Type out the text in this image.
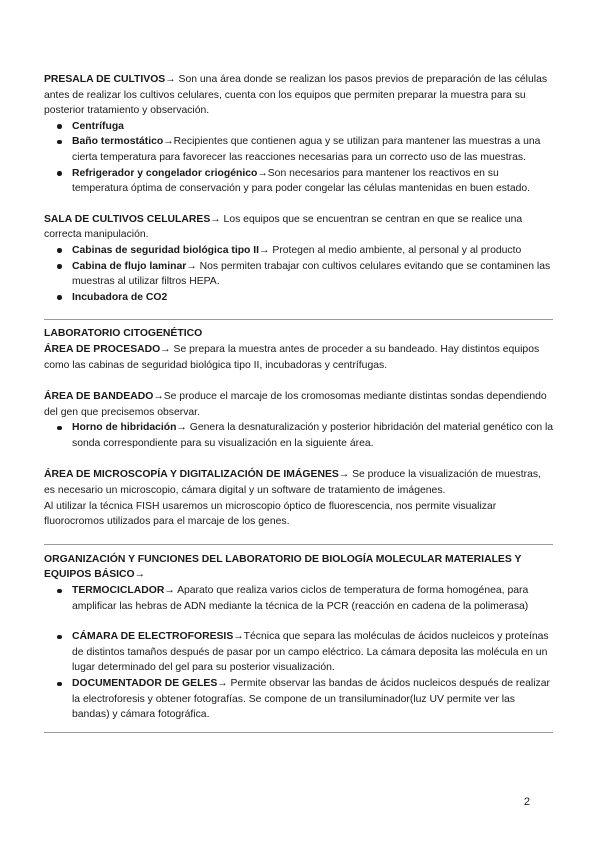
PRESALA DE CULTIVOS→ Son una área donde se realizan los pasos previos de preparación de las células antes de realizar los cultivos celulares, cuenta con los equipos que permiten preparar la muestra para su posterior tratamiento y observación.

Centrífuga
Baño termostático→Recipientes que contienen agua y se utilizan para mantener las muestras a una cierta temperatura para favorecer las reacciones necesarias para un correcto uso de las muestras.
Refrigerador y congelador criogénico→Son necesarios para mantener los reactivos en su temperatura óptima de conservación y para poder congelar las células mantenidas en buen estado.

SALA DE CULTIVOS CELULARES→ Los equipos que se encuentran se centran en que se realice una correcta manipulación.

Cabinas de seguridad biológica tipo II→ Protegen al medio ambiente, al personal y al producto
Cabina de flujo laminar→ Nos permiten trabajar con cultivos celulares evitando que se contaminen las muestras al utilizar filtros HEPA.
Incubadora de CO2

LABORATORIO CITOGENÉTICO

ÁREA DE PROCESADO→ Se prepara la muestra antes de proceder a su bandeado. Hay distintos equipos como las cabinas de seguridad biológica tipo II, incubadoras y centrífugas.

ÁREA DE BANDEADO→Se produce el marcaje de los cromosomas mediante distintas sondas dependiendo del gen que precisemos observar.

Horno de hibridación→ Genera la desnaturalización y posterior hibridación del material genético con la sonda correspondiente para su visualización en la siguiente área.

ÁREA DE MICROSCOPÍA Y DIGITALIZACIÓN DE IMÁGENES→ Se produce la visualización de muestras, es necesario un microscopio, cámara digital y un software de tratamiento de imágenes.

Al utilizar la técnica FISH usaremos un microscopio óptico de fluorescencia, nos permite visualizar fluorocromos utilizados para el marcaje de los genes.

ORGANIZACIÓN Y FUNCIONES DEL LABORATORIO DE BIOLOGÍA MOLECULAR MATERIALES Y EQUIPOS BÁSICO→

TERMOCICLADOR→ Aparato que realiza varios ciclos de temperatura de forma homogénea, para amplificar las hebras de ADN mediante la técnica de la PCR (reacción en cadena de la polimerasa)
CÁMARA DE ELECTROFORESIS→Técnica que separa las moléculas de ácidos nucleicos y proteínas de distintos tamaños después de pasar por un campo eléctrico. La cámara deposita las molécula en un lugar determinado del gel para su posterior visualización.
DOCUMENTADOR DE GELES→ Permite observar las bandas de ácidos nucleicos después de realizar la electroforesis y obtener fotografías. Se compone de un transiluminador(luz UV permite ver las bandas) y cámara fotográfica.
2
